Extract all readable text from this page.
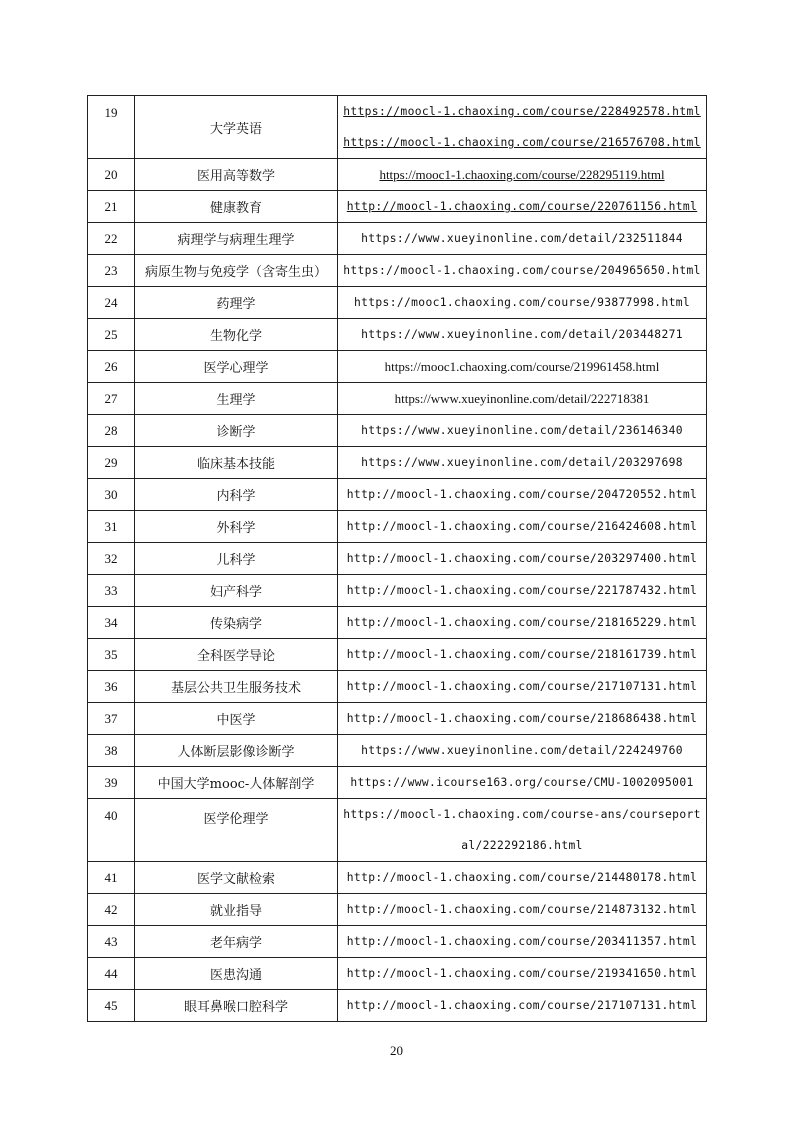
19	大学英语	https://moocl-1.chaoxing.com/course/228492578.html
https://moocl-1.chaoxing.com/course/216576708.html

20	医用高等数学	https://mooc1-1.chaoxing.com/course/228295119.html
21	健康教育	http://moocl-1.chaoxing.com/course/220761156.html
22	病理学与病理生理学	https://www.xueyinonline.com/detail/232511844
23	病原生物与免疫学（含寄生虫）	https://moocl-1.chaoxing.com/course/204965650.html
24	药理学	https://mooc1.chaoxing.com/course/93877998.html
25	生物化学	https://www.xueyinonline.com/detail/203448271
26	医学心理学	https://mooc1.chaoxing.com/course/219961458.html
27	生理学	https://www.xueyinonline.com/detail/222718381
28	诊断学	https://www.xueyinonline.com/detail/236146340
29	临床基本技能	https://www.xueyinonline.com/detail/203297698
30	内科学	http://moocl-1.chaoxing.com/course/204720552.html
31	外科学	http://moocl-1.chaoxing.com/course/216424608.html
32	儿科学	http://moocl-1.chaoxing.com/course/203297400.html
33	妇产科学	http://moocl-1.chaoxing.com/course/221787432.html
34	传染病学	http://moocl-1.chaoxing.com/course/218165229.html
35	全科医学导论	http://moocl-1.chaoxing.com/course/218161739.html
36	基层公共卫生服务技术	http://moocl-1.chaoxing.com/course/217107131.html
37	中医学	http://moocl-1.chaoxing.com/course/218686438.html
38	人体断层影像诊断学	https://www.xueyinonline.com/detail/224249760
39	中国大学mooc-人体解剖学	https://www.icourse163.org/course/CMU-1002095001
40	医学伦理学	https://moocl-1.chaoxing.com/course-ans/courseport
al/222292186.html

41	医学文献检索	http://moocl-1.chaoxing.com/course/214480178.html
42	就业指导	http://moocl-1.chaoxing.com/course/214873132.html
43	老年病学	http://moocl-1.chaoxing.com/course/203411357.html
44	医患沟通	http://moocl-1.chaoxing.com/course/219341650.html
45	眼耳鼻喉口腔科学	http://moocl-1.chaoxing.com/course/217107131.html
20
